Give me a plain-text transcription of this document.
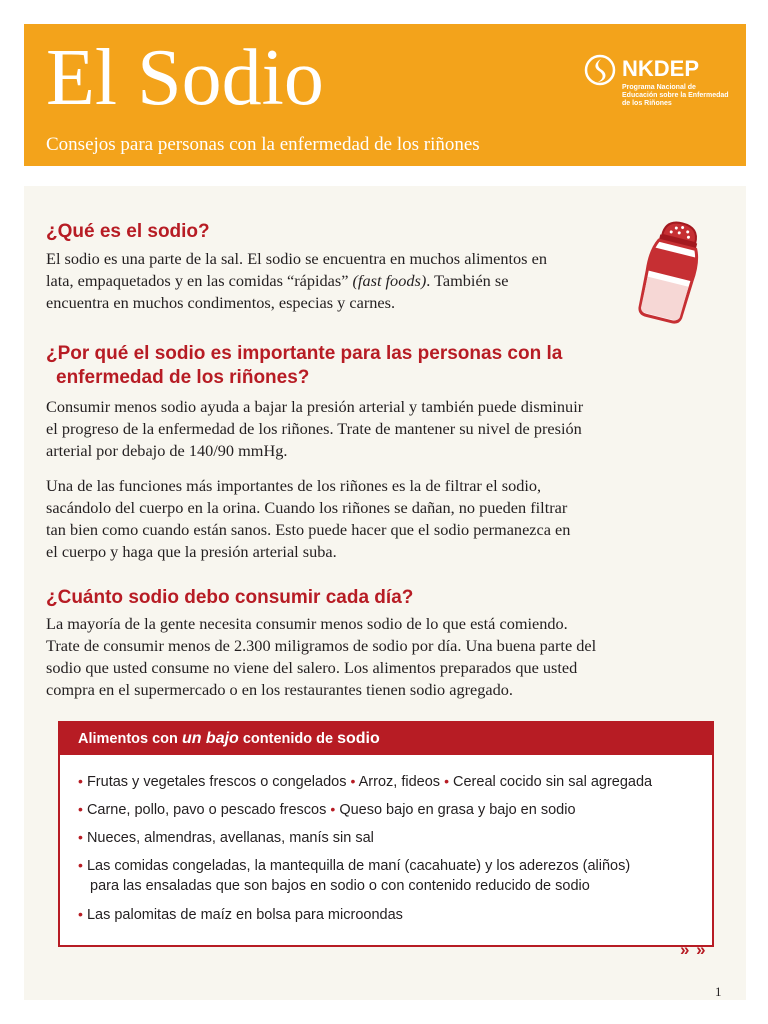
El Sodio
Consejos para personas con la enfermedad de los riñones
NKDEP
Programa Nacional de Educación sobre la Enfermedad de los Riñones
¿Qué es el sodio?
El sodio es una parte de la sal. El sodio se encuentra en muchos alimentos en
lata, empaquetados y en las comidas “rápidas” (fast foods). También se
encuentra en muchos condimentos, especias y carnes.
¿Por qué el sodio es importante para las personas con la
enfermedad de los riñones?
Consumir menos sodio ayuda a bajar la presión arterial y también puede disminuir
el progreso de la enfermedad de los riñones. Trate de mantener su nivel de presión
arterial por debajo de 140/90 mmHg.
Una de las funciones más importantes de los riñones es la de filtrar el sodio,
sacándolo del cuerpo en la orina. Cuando los riñones se dañan, no pueden filtrar
tan bien como cuando están sanos. Esto puede hacer que el sodio permanezca en
el cuerpo y haga que la presión arterial suba.
¿Cuánto sodio debo consumir cada día?
La mayoría de la gente necesita consumir menos sodio de lo que está comiendo.
Trate de consumir menos de 2.300 miligramos de sodio por día. Una buena parte del
sodio que usted consume no viene del salero. Los alimentos preparados que usted
compra en el supermercado o en los restaurantes tienen sodio agregado.
Alimentos con un bajo contenido de sodio
• Frutas y vegetales frescos o congelados • Arroz, fideos • Cereal cocido sin sal agregada
• Carne, pollo, pavo o pescado frescos • Queso bajo en grasa y bajo en sodio
• Nueces, almendras, avellanas, manís sin sal
• Las comidas congeladas, la mantequilla de maní (cacahuate) y los aderezos (aliños)
para las ensaladas que son bajos en sodio o con contenido reducido de sodio
• Las palomitas de maíz en bolsa para microondas
» »
1
